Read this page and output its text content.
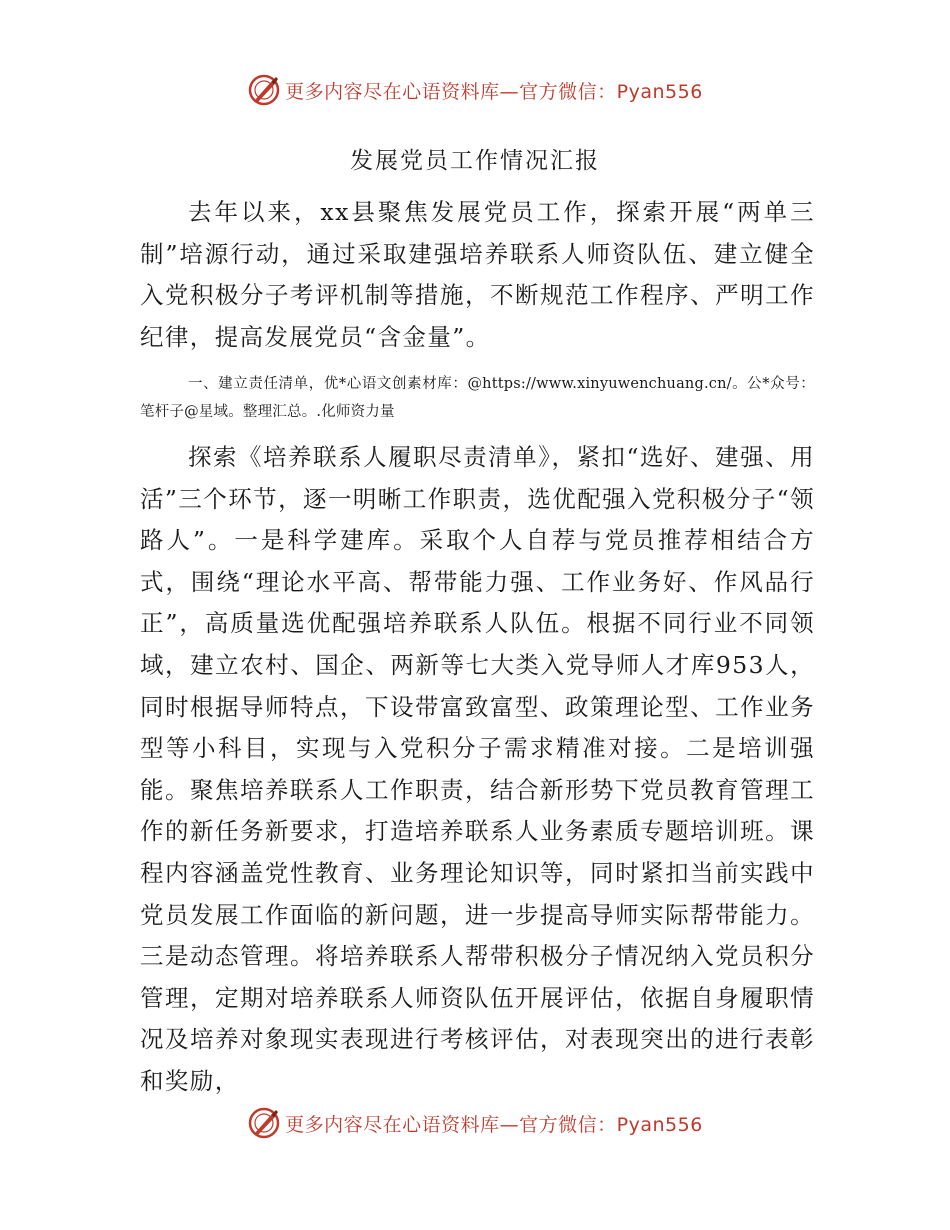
更多内容尽在心语资料库—官方微信：Pyan556
发展党员工作情况汇报

去年以来，xx县聚焦发展党员工作，探索开展“两单三制”培源行动，通过采取建强培养联系人师资队伍、建立健全入党积极分子考评机制等措施，不断规范工作程序、严明工作纪律，提高发展党员“含金量”。

一、建立责任清单，优*心语文创素材库：@https://www.xinyuwenchuang.cn/。公*众号：笔杆子@星域。整理汇总。.化师资力量

探索《培养联系人履职尽责清单》，紧扣“选好、建强、用活”三个环节，逐一明晰工作职责，选优配强入党积极分子“领路人”。一是科学建库。采取个人自荐与党员推荐相结合方式，围绕“理论水平高、帮带能力强、工作业务好、作风品行正”，高质量选优配强培养联系人队伍。根据不同行业不同领域，建立农村、国企、两新等七大类入党导师人才库953人，同时根据导师特点，下设带富致富型、政策理论型、工作业务型等小科目，实现与入党积分子需求精准对接。二是培训强能。聚焦培养联系人工作职责，结合新形势下党员教育管理工作的新任务新要求，打造培养联系人业务素质专题培训班。课程内容涵盖党性教育、业务理论知识等，同时紧扣当前实践中党员发展工作面临的新问题，进一步提高导师实际帮带能力。三是动态管理。将培养联系人帮带积极分子情况纳入党员积分管理，定期对培养联系人师资队伍开展评估，依据自身履职情况及培养对象现实表现进行考核评估，对表现突出的进行表彰和奖励，

更多内容尽在心语资料库—官方微信：Pyan556
